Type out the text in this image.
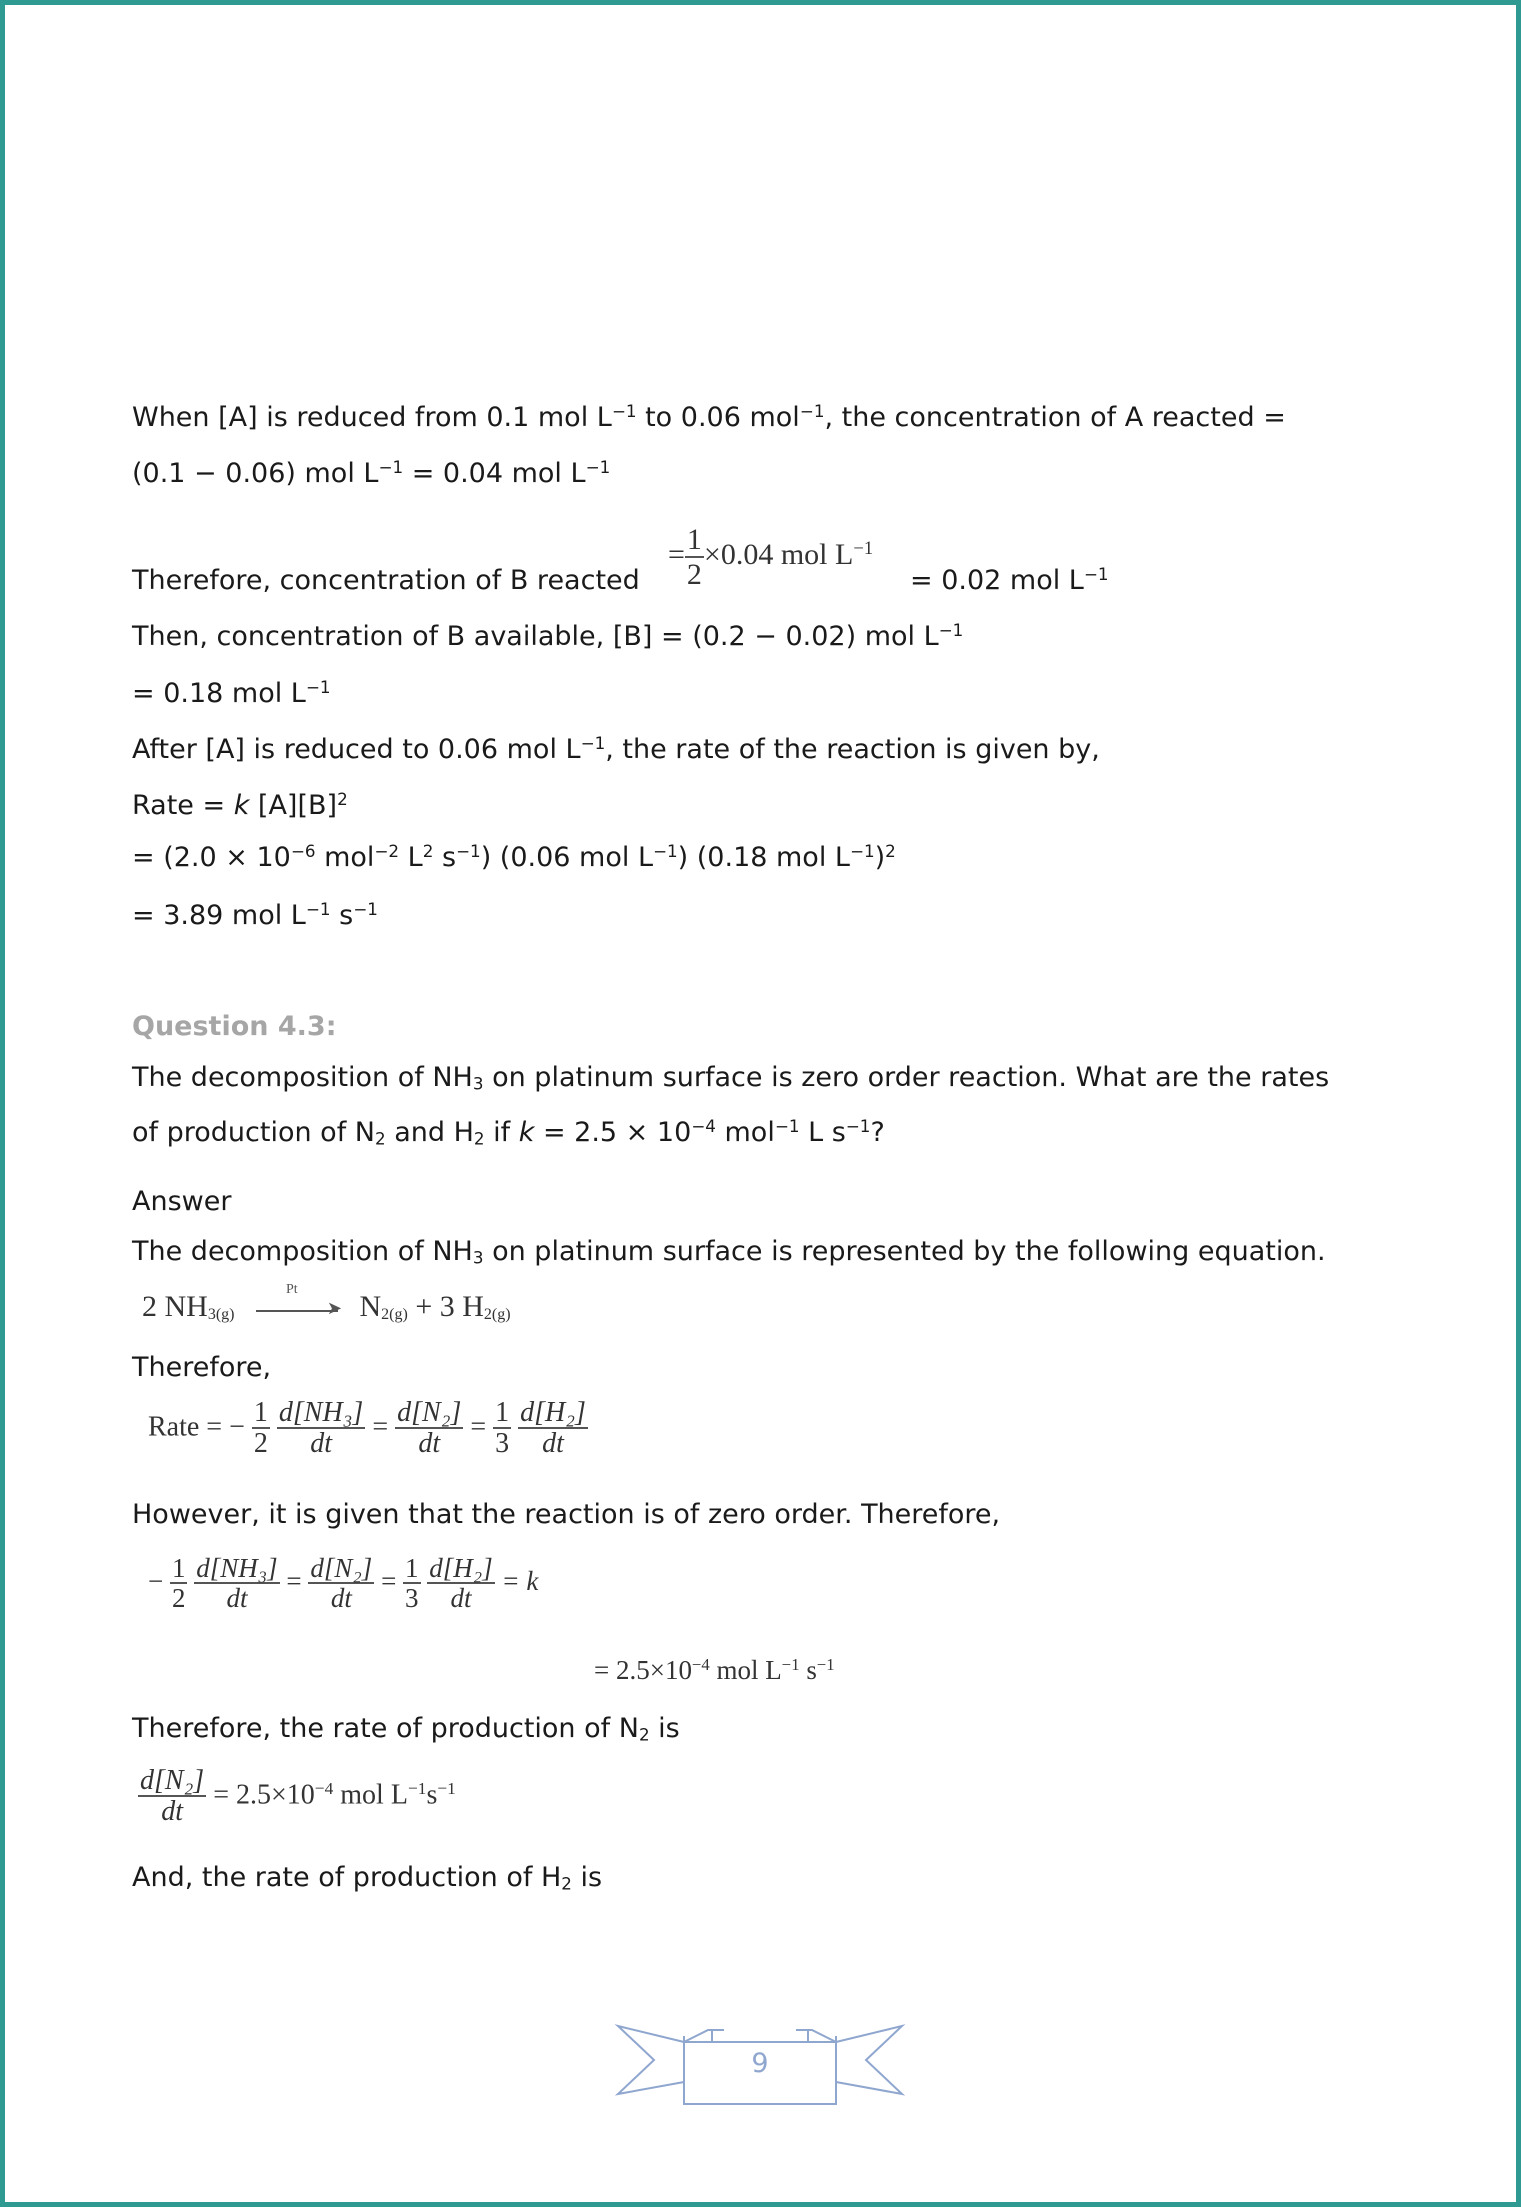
When [A] is reduced from 0.1 mol $L^{-1}$ to 0.06 mol$^{-1}$, the concentration of A reacted =
(0.1 − 0.06) mol $L^{-1} = 0.04$ mol $L^{-1}$
Therefore, concentration of B reacted
= $\frac{1}{2} \times 0.04$ mol $L^{-1}$
= 0.02 mol $L^{-1}$
Then, concentration of B available, [B] = (0.2 − 0.02) mol $L^{-1}$
= 0.18 mol $L^{-1}$
After [A] is reduced to 0.06 mol $L^{-1}$, the rate of the reaction is given by,
Rate = k $[A][B]^2$
= ($2.0 \times 10^{-6}$ mol$^{-2}$ $L^2$ $s^{-1}$) (0.06 mol $L^{-1}$) (0.18 mol $L^{-1})^2$
= 3.89 mol $L^{-1}$ $s^{-1}$
Question 4.3:
The decomposition of $NH_3$ on platinum surface is zero order reaction. What are the rates
of production of $N_2$ and $H_2$ if $k = 2.5 \times 10^{-4}$ mol$^{-1}$ L $s^{-1}$?
Answer
The decomposition of $NH_3$ on platinum surface is represented by the following equation.
2 $NH_{3(g)}$
Pt
➤ $N_{2(g)} + 3$ $H_{2(g)}$
Therefore,
Rate = − $\frac{1}{2}$
$\frac{\text{d[NH₃]}}{dt} = \frac{\text{d[N₂]}}{dt} = \frac{1}{3}$
$\frac{\text{d[H₂]}}{dt}$
However, it is given that the reaction is of zero order. Therefore,
− $\frac{1}{2}$
$\frac{\text{d[NH₃]}}{dt} = \frac{\text{d[N₂]}}{dt} = \frac{1}{3}$
$\frac{\text{d[H₂]}}{dt} = k$
= $2.5\times 10^{-4}$ mol $L^{-1}$ $s^{-1}$
Therefore, the rate of production of $N_2$ is
$\frac{\text{d[N₂]}}{dt} = 2.5\times 10^{-4}$ mol $L^{-1}s^{-1}$
And, the rate of production of $H_2$ is
9
